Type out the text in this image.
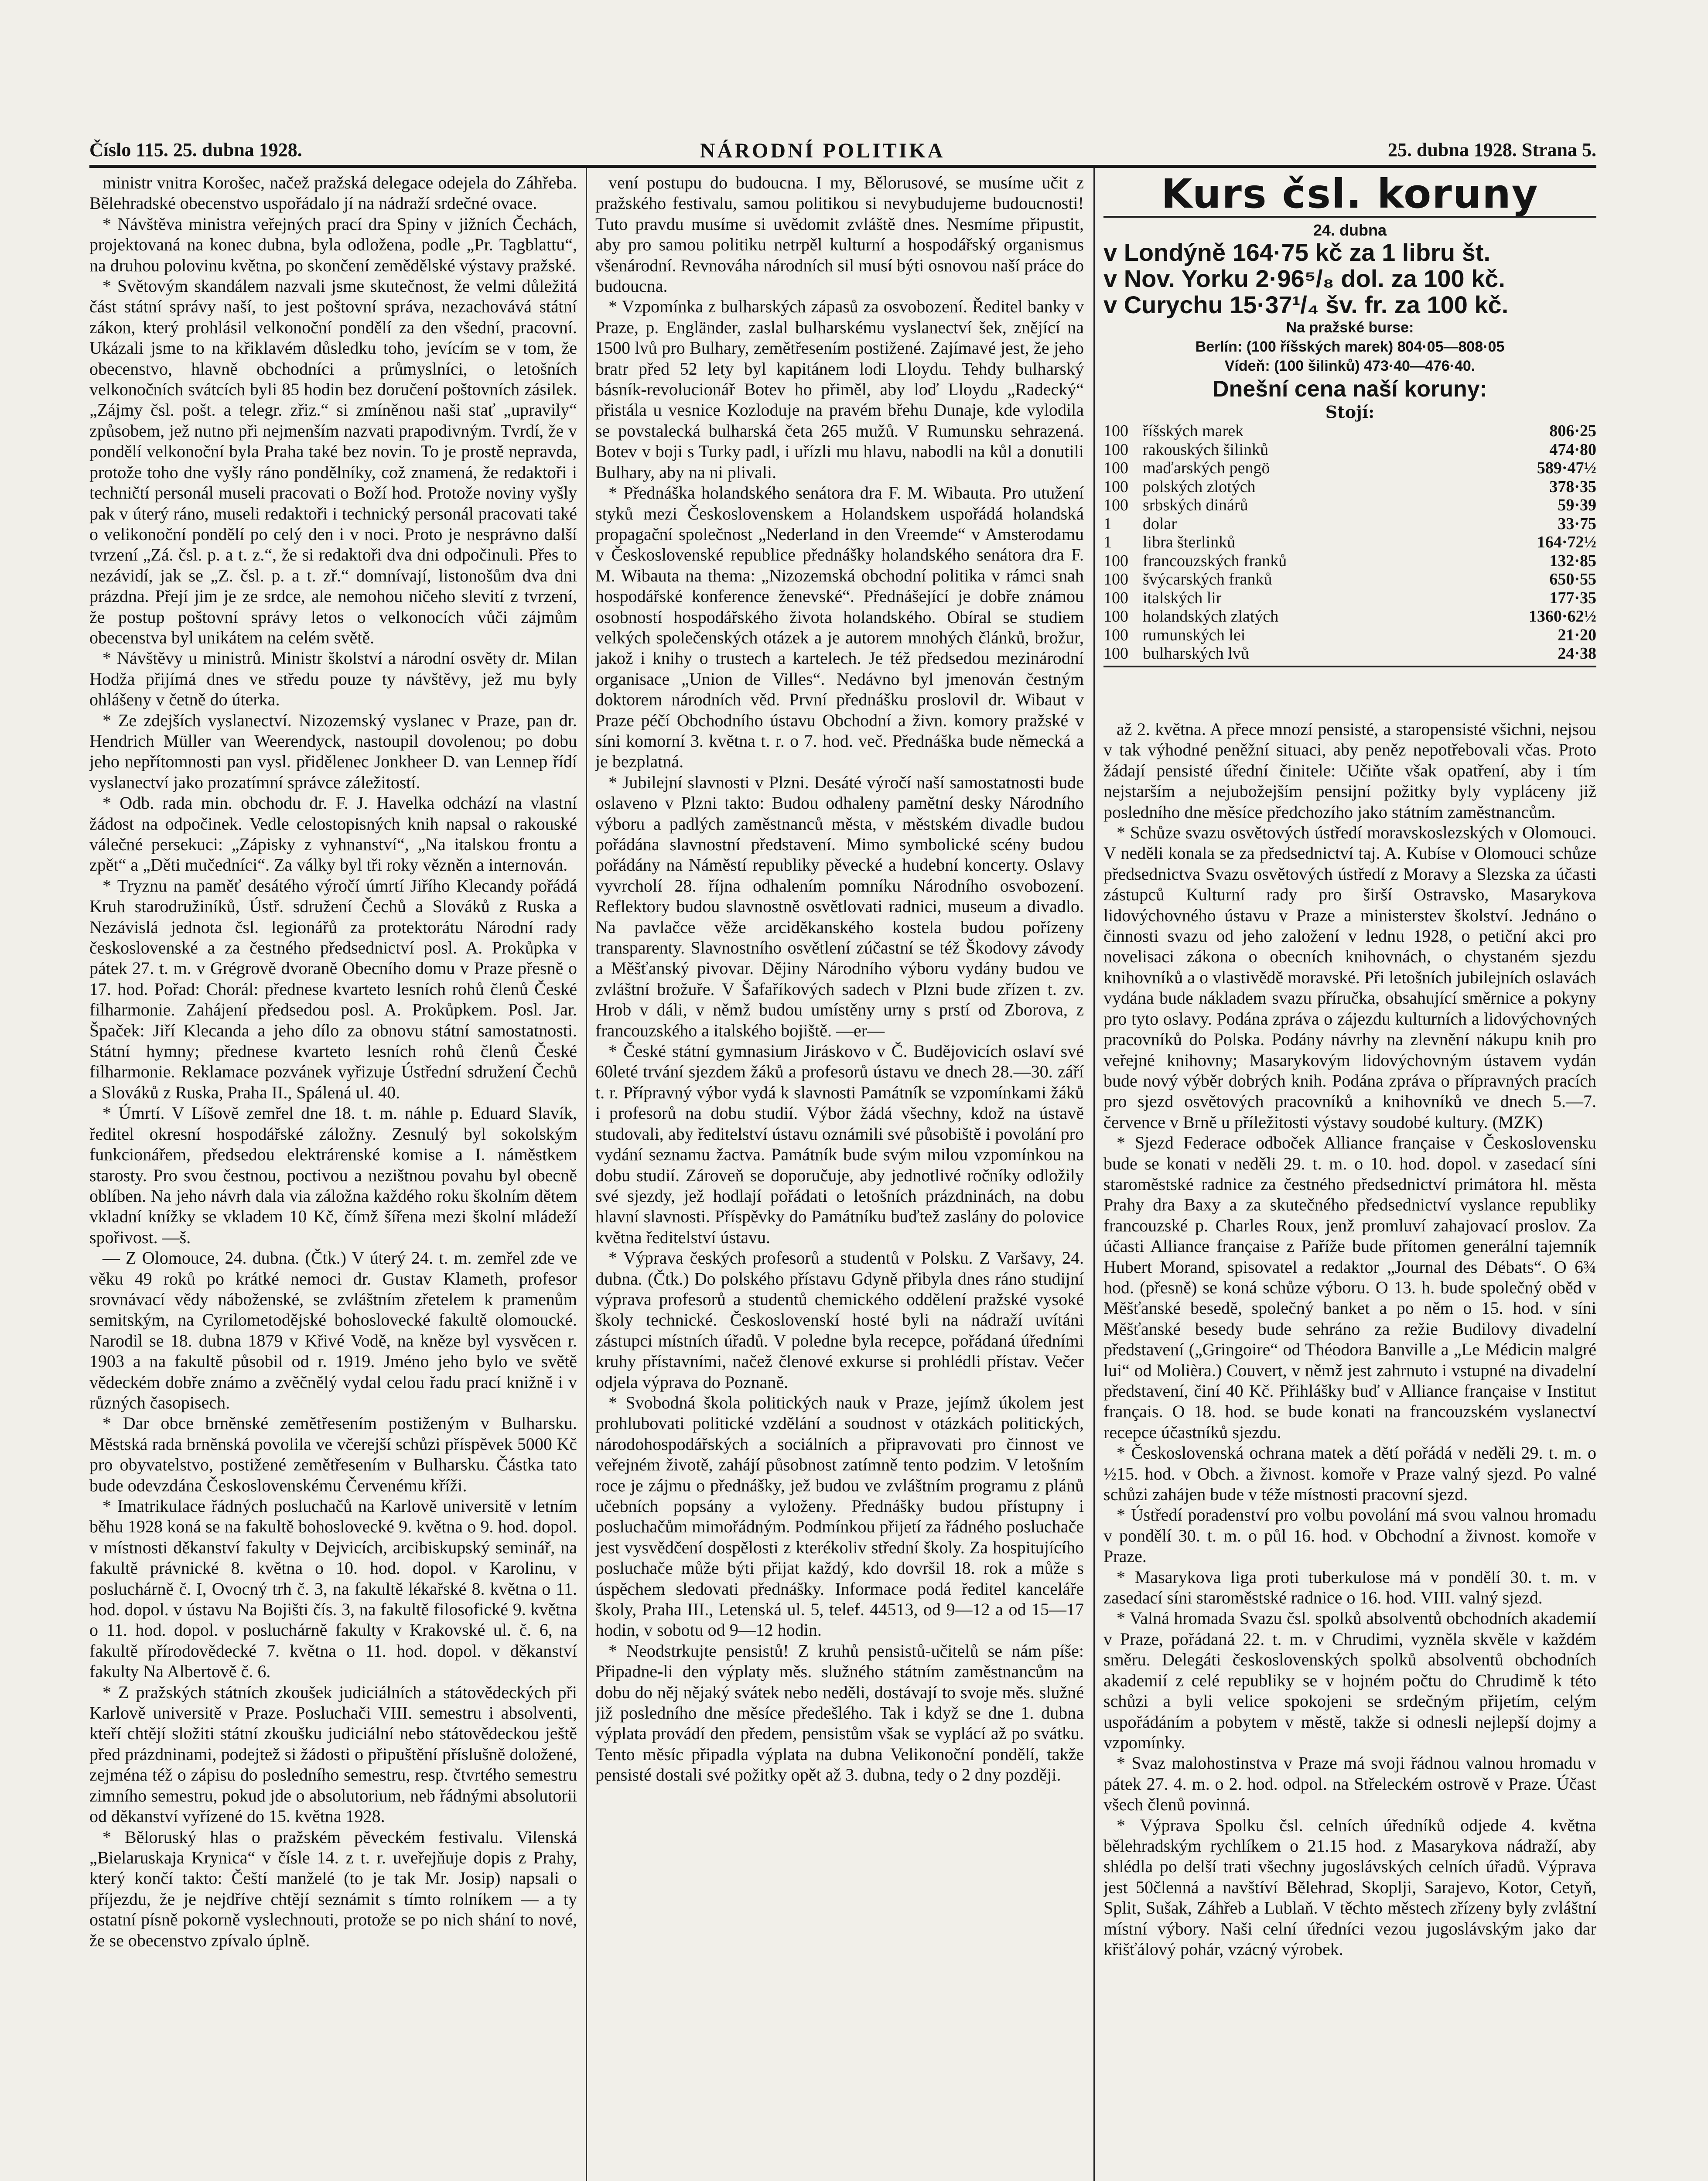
Číslo 115. 25. dubna 1928.	NÁRODNÍ POLITIKA	25. dubna 1928. Strana 5.

ministr vnitra Korošec, načež pražská delegace odejela do Záhřeba. Bělehradské obecenstvo uspořádalo jí na nádraží srdečné ovace.

* Návštěva ministra veřejných prací dra Spiny v jižních Čechách, projektovaná na konec dubna, byla odložena, podle „Pr. Tagblattu“, na druhou polovinu května, po skončení zemědělské výstavy pražské.

* Světovým skandálem nazvali jsme skutečnost, že velmi důležitá část státní správy naší, to jest poštovní správa, nezachovává státní zákon, který prohlásil velkonoční pondělí za den všední, pracovní. Ukázali jsme to na křiklavém důsledku toho, jevícím se v tom, že obecenstvo, hlavně obchodníci a průmyslníci, o letošních velkonočních svátcích byli 85 hodin bez doručení poštovních zásilek. „Zájmy čsl. pošt. a telegr. zřiz.“ si zmíněnou naši stať „upravily“ způsobem, jež nutno při nejmenším nazvati prapodivným. Tvrdí, že v pondělí velkonoční byla Praha také bez novin. To je prostě nepravda, protože toho dne vyšly ráno pondělníky, což znamená, že redaktoři i techničtí personál museli pracovati o Boží hod. Protože noviny vyšly pak v úterý ráno, museli redaktoři i technický personál pracovati také o velikonoční pondělí po celý den i v noci. Proto je nesprávno další tvrzení „Zá. čsl. p. a t. z.“, že si redaktoři dva dni odpočinuli. Přes to nezávidí, jak se „Z. čsl. p. a t. zř.“ domnívají, listonošům dva dni prázdna. Přejí jim je ze srdce, ale nemohou ničeho slevití z tvrzení, že postup poštovní správy letos o velkonocích vůči zájmům obecenstva byl unikátem na celém světě.

* Návštěvy u ministrů. Ministr školství a národní osvěty dr. Milan Hodža přijímá dnes ve středu pouze ty návštěvy, jež mu byly ohlášeny v četně do úterka.

* Ze zdejších vyslanectví. Nizozemský vyslanec v Praze, pan dr. Hendrich Müller van Weerendyck, nastoupil dovolenou; po dobu jeho nepřítomnosti pan vysl. přidělenec Jonkheer D. van Lennep řídí vyslanectví jako prozatímní správce záležitostí.

* Odb. rada min. obchodu dr. F. J. Havelka odchází na vlastní žádost na odpočinek. Vedle celostopisných knih napsal o rakouské válečné persekuci: „Zápisky z vyhnanství“, „Na italskou frontu a zpět“ a „Děti mučedníci“. Za války byl tři roky vězněn a internován.

* Tryznu na paměť desátého výročí úmrtí Jiřího Klecandy pořádá Kruh starodružiníků, Ústř. sdružení Čechů a Slováků z Ruska a Nezávislá jednota čsl. legionářů za protektorátu Národní rady československé a za čestného předsednictví posl. A. Prokůpka v pátek 27. t. m. v Grégrově dvoraně Obecního domu v Praze přesně o 17. hod. Pořad: Chorál: přednese kvarteto lesních rohů členů České filharmonie. Zahájení předsedou posl. A. Prokůpkem. Posl. Jar. Špaček: Jiří Klecanda a jeho dílo za obnovu státní samostatnosti. Státní hymny; přednese kvarteto lesních rohů členů České filharmonie. Reklamace pozvánek vyřizuje Ústřední sdružení Čechů a Slováků z Ruska, Praha II., Spálená ul. 40.

* Úmrtí. V Líšově zemřel dne 18. t. m. náhle p. Eduard Slavík, ředitel okresní hospodářské záložny. Zesnulý byl sokolským funkcionářem, předsedou elektrárenské komise a I. náměstkem starosty. Pro svou čestnou, poctivou a nezištnou povahu byl obecně oblíben. Na jeho návrh dala via záložna každého roku školním dětem vkladní knížky se vkladem 10 Kč, čímž šířena mezi školní mládeží spořivost. —š.

— Z Olomouce, 24. dubna. (Čtk.) V úterý 24. t. m. zemřel zde ve věku 49 roků po krátké nemoci dr. Gustav Klameth, profesor srovnávací vědy náboženské, se zvláštním zřetelem k pramenům semitským, na Cyrilometodějské bohoslovecké fakultě olomoucké. Narodil se 18. dubna 1879 v Křivé Vodě, na kněze byl vysvěcen r. 1903 a na fakultě působil od r. 1919. Jméno jeho bylo ve světě vědeckém dobře známo a zvěčnělý vydal celou řadu prací knižně i v různých časopisech.

* Dar obce brněnské zemětřesením postiženým v Bulharsku. Městská rada brněnská povolila ve včerejší schůzi příspěvek 5000 Kč pro obyvatelstvo, postižené zemětřesením v Bulharsku. Částka tato bude odevzdána Československému Červenému kříži.

* Imatrikulace řádných posluchačů na Karlově universitě v letním běhu 1928 koná se na fakultě bohoslovecké 9. května o 9. hod. dopol. v místnosti děkanství fakulty v Dejvicích, arcibiskupský seminář, na fakultě právnické 8. května o 10. hod. dopol. v Karolinu, v posluchárně č. I, Ovocný trh č. 3, na fakultě lékařské 8. května o 11. hod. dopol. v ústavu Na Bojišti čís. 3, na fakultě filosofické 9. května o 11. hod. dopol. v posluchárně fakulty v Krakovské ul. č. 6, na fakultě přírodovědecké 7. května o 11. hod. dopol. v děkanství fakulty Na Albertově č. 6.

* Z pražských státních zkoušek judiciálních a státovědeckých při Karlově universitě v Praze. Posluchači VIII. semestru i absolventi, kteří chtějí složiti státní zkoušku judiciální nebo státovědeckou ještě před prázdninami, podejtež si žádosti o připuštění příslušně doložené, zejména též o zápisu do posledního semestru, resp. čtvrtého semestru zimního semestru, pokud jde o absolutorium, neb řádnými absolutorii od děkanství vyřízené do 15. května 1928.

* Běloruský hlas o pražském pěveckém festivalu. Vilenská „Bielaruskaja Krynica“ v čísle 14. z t. r. uveřejňuje dopis z Prahy, který končí takto: Čeští manželé (to je tak Mr. Josip) napsali o příjezdu, že je nejdříve chtějí seznámit s tímto rolníkem — a ty ostatní písně pokorně vyslechnouti, protože se po nich shání to nové, že se obecenstvo zpívalo úplně.

vení postupu do budoucna. I my, Bělorusové, se musíme učit z pražského festivalu, samou politikou si nevybudujeme budoucnosti! Tuto pravdu musíme si uvědomit zvláště dnes. Nesmíme připustit, aby pro samou politiku netrpěl kulturní a hospodářský organismus všenárodní. Revnováha národních sil musí býti osnovou naší práce do budoucna.

* Vzpomínka z bulharských zápasů za osvobození. Ředitel banky v Praze, p. Engländer, zaslal bulharskému vyslanectví šek, znějící na 1500 lvů pro Bulhary, zemětřesením postižené. Zajímavé jest, že jeho bratr před 52 lety byl kapitánem lodi Lloydu. Tehdy bulharský básník-revolucionář Botev ho přiměl, aby loď Lloydu „Radecký“ přistála u vesnice Kozloduje na pravém břehu Dunaje, kde vylodila se povstalecká bulharská četa 265 mužů. V Rumunsku sehrazená. Botev v boji s Turky padl, i uřízli mu hlavu, nabodli na kůl a donutili Bulhary, aby na ni plivali.

* Přednáška holandského senátora dra F. M. Wibauta. Pro utužení styků mezi Československem a Holandskem uspořádá holandská propagační společnost „Nederland in den Vreemde“ v Amsterodamu v Československé republice přednášky holandského senátora dra F. M. Wibauta na thema: „Nizozemská obchodní politika v rámci snah hospodářské konference ženevské“. Přednášející je dobře známou osobností hospodářského života holandského. Obíral se studiem velkých společenských otázek a je autorem mnohých článků, brožur, jakož i knihy o trustech a kartelech. Je též předsedou mezinárodní organisace „Union de Villes“. Nedávno byl jmenován čestným doktorem národních věd. První přednášku proslovil dr. Wibaut v Praze péčí Obchodního ústavu Obchodní a živn. komory pražské v síni komorní 3. května t. r. o 7. hod. več. Přednáška bude německá a je bezplatná.

* Jubilejní slavnosti v Plzni. Desáté výročí naší samostatnosti bude oslaveno v Plzni takto: Budou odhaleny pamětní desky Národního výboru a padlých zaměstnanců města, v městském divadle budou pořádána slavnostní představení. Mimo symbolické scény budou pořádány na Náměstí republiky pěvecké a hudební koncerty. Oslavy vyvrcholí 28. října odhalením pomníku Národního osvobození. Reflektory budou slavnostně osvětlovati radnici, museum a divadlo. Na pavlačce věže arciděkanského kostela budou pořízeny transparenty. Slavnostního osvětlení zúčastní se též Škodovy závody a Měšťanský pivovar. Dějiny Národního výboru vydány budou ve zvláštní brožuře. V Šafaříkových sadech v Plzni bude zřízen t. zv. Hrob v dáli, v němž budou umístěny urny s prstí od Zborova, z francouzského a italského bojiště. —er—

* České státní gymnasium Jiráskovo v Č. Budějovicích oslaví své 60leté trvání sjezdem žáků a profesorů ústavu ve dnech 28.—30. září t. r. Přípravný výbor vydá k slavnosti Památník se vzpomínkami žáků i profesorů na dobu studií. Výbor žádá všechny, kdož na ústavě studovali, aby ředitelství ústavu oznámili své působiště i povolání pro vydání seznamu žactva. Památník bude svým milou vzpomínkou na dobu studií. Zároveň se doporučuje, aby jednotlivé ročníky odložily své sjezdy, jež hodlají pořádati o letošních prázdninách, na dobu hlavní slavnosti. Příspěvky do Památníku buďtež zaslány do polovice května ředitelství ústavu.

* Výprava českých profesorů a studentů v Polsku. Z Varšavy, 24. dubna. (Čtk.) Do polského přístavu Gdyně přibyla dnes ráno studijní výprava profesorů a studentů chemického oddělení pražské vysoké školy technické. Československí hosté byli na nádraží uvítáni zástupci místních úřadů. V poledne byla recepce, pořádaná úředními kruhy přístavními, načež členové exkurse si prohlédli přístav. Večer odjela výprava do Poznaně.

* Svobodná škola politických nauk v Praze, jejímž úkolem jest prohlubovati politické vzdělání a soudnost v otázkách politických, národohospodářských a sociálních a připravovati pro činnost ve veřejném životě, zahájí působnost zatímně tento podzim. V letošním roce je zájmu o přednášky, jež budou ve zvláštním programu z plánů učebních popsány a vyloženy. Přednášky budou přístupny i posluchačům mimořádným. Podmínkou přijetí za řádného posluchače jest vysvědčení dospělosti z kterékoliv střední školy. Za hospitujícího posluchače může býti přijat každý, kdo dovršil 18. rok a může s úspěchem sledovati přednášky. Informace podá ředitel kanceláře školy, Praha III., Letenská ul. 5, telef. 44513, od 9—12 a od 15—17 hodin, v sobotu od 9—12 hodin.

* Neodstrkujte pensistů! Z kruhů pensistů-učitelů se nám píše: Připadne-li den výplaty měs. služného státním zaměstnancům na dobu do něj nějaký svátek nebo neděli, dostávají to svoje měs. služné již posledního dne měsíce předešlého. Tak i když se dne 1. dubna výplata provádí den předem, pensistům však se vyplácí až po svátku. Tento měsíc připadla výplata na dubna Velikonoční pondělí, takže pensisté dostali své požitky opět až 3. dubna, tedy o 2 dny později.

Kurs čsl. koruny
24. dubna
v Londýně 164·75 kč za 1 libru št.
v Nov. Yorku 2·96⁵/₈ dol. za 100 kč.
v Curychu 15·37¹/₄ šv. fr. za 100 kč.
Na pražské burse:
Berlín: (100 říšských marek) 804·05—808·05
Vídeň: (100 šilinků) 473·40—476·40.
Dnešní cena naší koruny:
Stojí:
100	říšských marek	806·25
100	rakouských šilinků	474·80
100	maďarských pengö	589·47½
100	polských zlotých	378·35
100	srbských dinárů	59·39
1	dolar	33·75
1	libra šterlinků	164·72½
100	francouzských franků	132·85
100	švýcarských franků	650·55
100	italských lir	177·35
100	holandských zlatých	1360·62½
100	rumunských lei	21·20
100	bulharských lvů	24·38

až 2. května. A přece mnozí pensisté, a staropensisté všichni, nejsou v tak výhodné peněžní situaci, aby peněz nepotřebovali včas. Proto žádají pensisté úřední činitele: Učiňte však opatření, aby i tím nejstarším a nejubožejším pensijní požitky byly vypláceny již posledního dne měsíce předchozího jako státním zaměstnancům.

* Schůze svazu osvětových ústředí moravskoslezských v Olomouci. V neděli konala se za předsednictví taj. A. Kubíse v Olomouci schůze předsednictva Svazu osvětových ústředí z Moravy a Slezska za účasti zástupců Kulturní rady pro širší Ostravsko, Masarykova lidovýchovného ústavu v Praze a ministerstev školství. Jednáno o činnosti svazu od jeho založení v lednu 1928, o petiční akci pro novelisaci zákona o obecních knihovnách, o chystaném sjezdu knihovníků a o vlastivědě moravské. Při letošních jubilejních oslavách vydána bude nákladem svazu příručka, obsahující směrnice a pokyny pro tyto oslavy. Podána zpráva o zájezdu kulturních a lidovýchovných pracovníků do Polska. Podány návrhy na zlevnění nákupu knih pro veřejné knihovny; Masarykovým lidovýchovným ústavem vydán bude nový výběr dobrých knih. Podána zpráva o přípravných pracích pro sjezd osvětových pracovníků a knihovníků ve dnech 5.—7. července v Brně u příležitosti výstavy soudobé kultury. (MZK)

* Sjezd Federace odboček Alliance française v Československu bude se konati v neděli 29. t. m. o 10. hod. dopol. v zasedací síni staroměstské radnice za čestného předsednictví primátora hl. města Prahy dra Baxy a za skutečného předsednictví vyslance republiky francouzské p. Charles Roux, jenž promluví zahajovací proslov. Za účasti Alliance française z Paříže bude přítomen generální tajemník Hubert Morand, spisovatel a redaktor „Journal des Débats“. O 6¾ hod. (přesně) se koná schůze výboru. O 13. h. bude společný oběd v Měšťanské besedě, společný banket a po něm o 15. hod. v síni Měšťanské besedy bude sehráno za režie Budilovy divadelní představení („Gringoire“ od Théodora Banville a „Le Médicin malgré lui“ od Molièra.) Couvert, v němž jest zahrnuto i vstupné na divadelní představení, činí 40 Kč. Přihlášky buď v Alliance française v Institut français. O 18. hod. se bude konati na francouzském vyslanectví recepce účastníků sjezdu.

* Československá ochrana matek a dětí pořádá v neděli 29. t. m. o ½15. hod. v Obch. a živnost. komoře v Praze valný sjezd. Po valné schůzi zahájen bude v téže místnosti pracovní sjezd.

* Ústředí poradenství pro volbu povolání má svou valnou hromadu v pondělí 30. t. m. o půl 16. hod. v Obchodní a živnost. komoře v Praze.

* Masarykova liga proti tuberkulose má v pondělí 30. t. m. v zasedací síni staroměstské radnice o 16. hod. VIII. valný sjezd.

* Valná hromada Svazu čsl. spolků absolventů obchodních akademií v Praze, pořádaná 22. t. m. v Chrudimi, vyzněla skvěle v každém směru. Delegáti československých spolků absolventů obchodních akademií z celé republiky se v hojném počtu do Chrudimě k této schůzi a byli velice spokojeni se srdečným přijetím, celým uspořádáním a pobytem v městě, takže si odnesli nejlepší dojmy a vzpomínky.

* Svaz malohostinstva v Praze má svoji řádnou valnou hromadu v pátek 27. 4. m. o 2. hod. odpol. na Střeleckém ostrově v Praze. Účast všech členů povinná.

* Výprava Spolku čsl. celních úředníků odjede 4. května bělehradským rychlíkem o 21.15 hod. z Masarykova nádraží, aby shlédla po delší trati všechny jugoslávských celních úřadů. Výprava jest 50členná a navštíví Bělehrad, Skoplji, Sarajevo, Kotor, Cetyň, Split, Sušak, Záhřeb a Lublaň. V těchto městech zřízeny byly zvláštní místní výbory. Naši celní úředníci vezou jugoslávským jako dar křišťálový pohár, vzácný výrobek.
